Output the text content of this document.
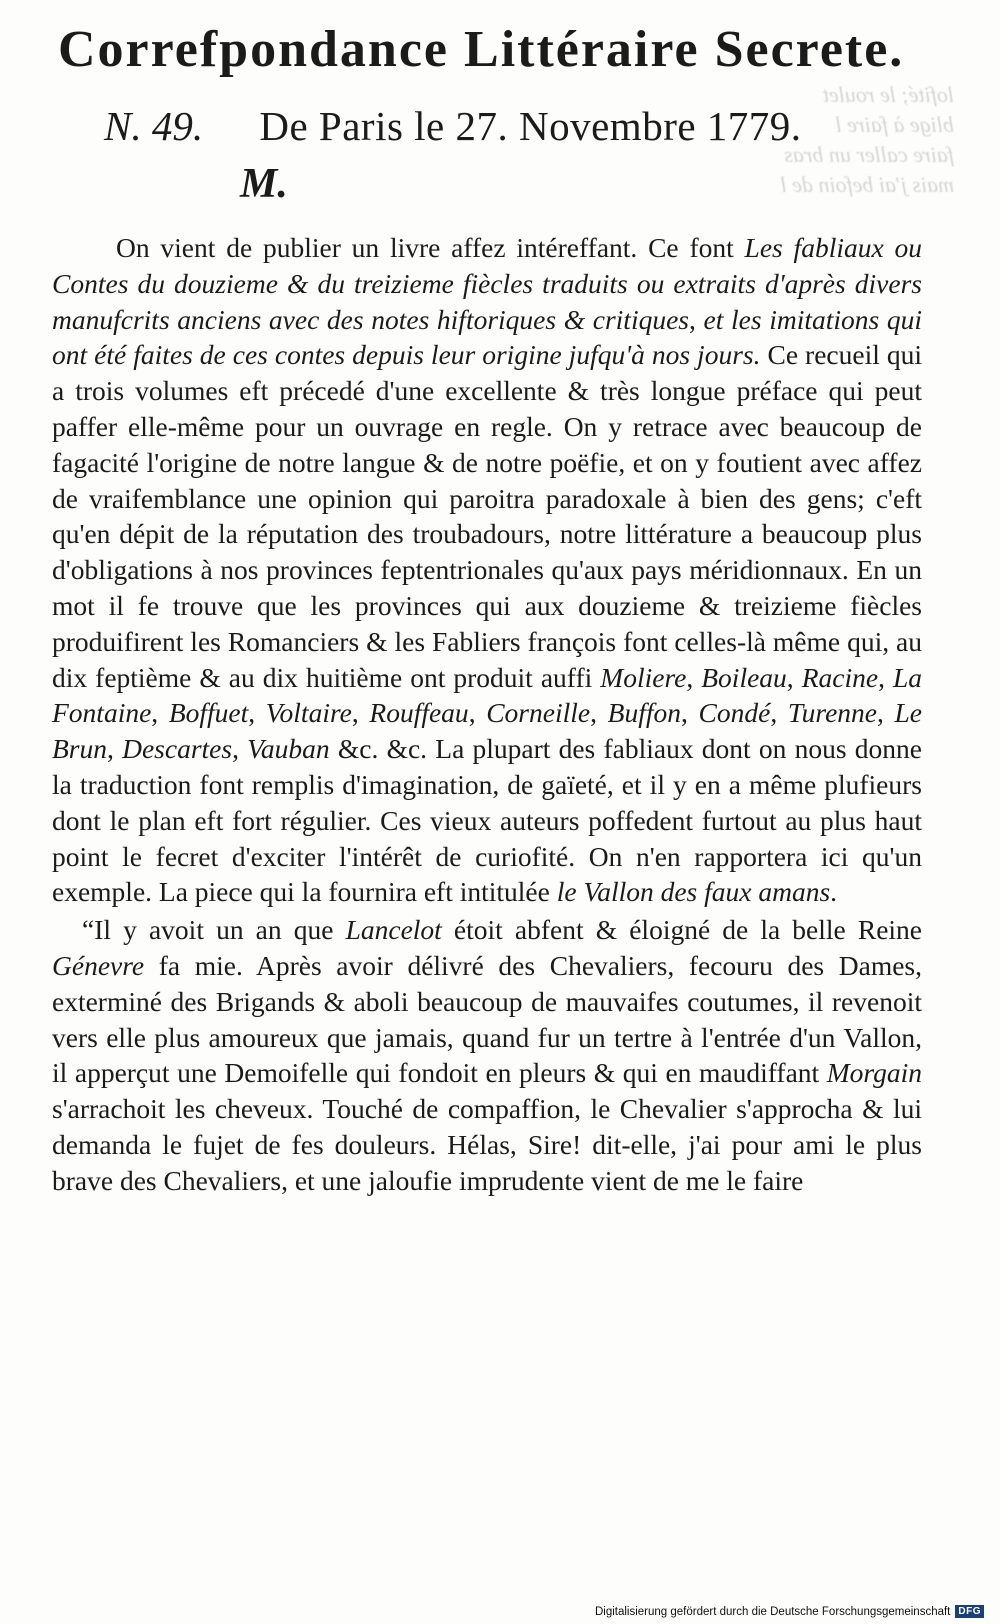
lofité; le roulet
blige à faire l
faire caller un bras
mais j'ai befoin de l
Correfpondance Littéraire Secrete.
N. 49. De Paris le 27. Novembre 1779.
M.

On vient de publier un livre affez intéreffant. Ce font Les fabliaux ou Contes du douzieme & du treizieme fiècles traduits ou extraits d'après divers manufcrits anciens avec des notes hiftoriques & critiques, et les imitations qui ont été faites de ces contes depuis leur origine jufqu'à nos jours. Ce recueil qui a trois volumes eft précedé d'une excellente & très longue préface qui peut paffer elle-même pour un ouvrage en regle. On y retrace avec beaucoup de fagacité l'origine de notre langue & de notre poëfie, et on y foutient avec affez de vraifemblance une opinion qui paroitra paradoxale à bien des gens; c'eft qu'en dépit de la réputation des troubadours, notre littérature a beaucoup plus d'obligations à nos provinces feptentrionales qu'aux pays méridionnaux. En un mot il fe trouve que les provinces qui aux douzieme & treizieme fiècles produifirent les Romanciers & les Fabliers françois font celles-là même qui, au dix feptième & au dix huitième ont produit auffi Moliere, Boileau, Racine, La Fontaine, Boffuet, Voltaire, Rouffeau, Corneille, Buffon, Condé, Turenne, Le Brun, Descartes, Vauban &c. &c. La plupart des fabliaux dont on nous donne la traduction font remplis d'imagination, de gaïeté, et il y en a même plufieurs dont le plan eft fort régulier. Ces vieux auteurs poffedent furtout au plus haut point le fecret d'exciter l'intérêt de curiofité. On n'en rapportera ici qu'un exemple. La piece qui la fournira eft intitulée le Vallon des faux amans.

“Il y avoit un an que Lancelot étoit abfent & éloigné de la belle Reine Génevre fa mie. Après avoir délivré des Chevaliers, fecouru des Dames, exterminé des Brigands & aboli beaucoup de mauvaifes coutumes, il revenoit vers elle plus amoureux que jamais, quand fur un tertre à l'entrée d'un Vallon, il apperçut une Demoifelle qui fondoit en pleurs & qui en maudiffant Morgain s'arrachoit les cheveux. Touché de compaffion, le Chevalier s'approcha & lui demanda le fujet de fes douleurs. Hélas, Sire! dit-elle, j'ai pour ami le plus brave des Chevaliers, et une jaloufie imprudente vient de me le faire

Digitalisierung gefördert durch die Deutsche Forschungsgemeinschaft DFG
